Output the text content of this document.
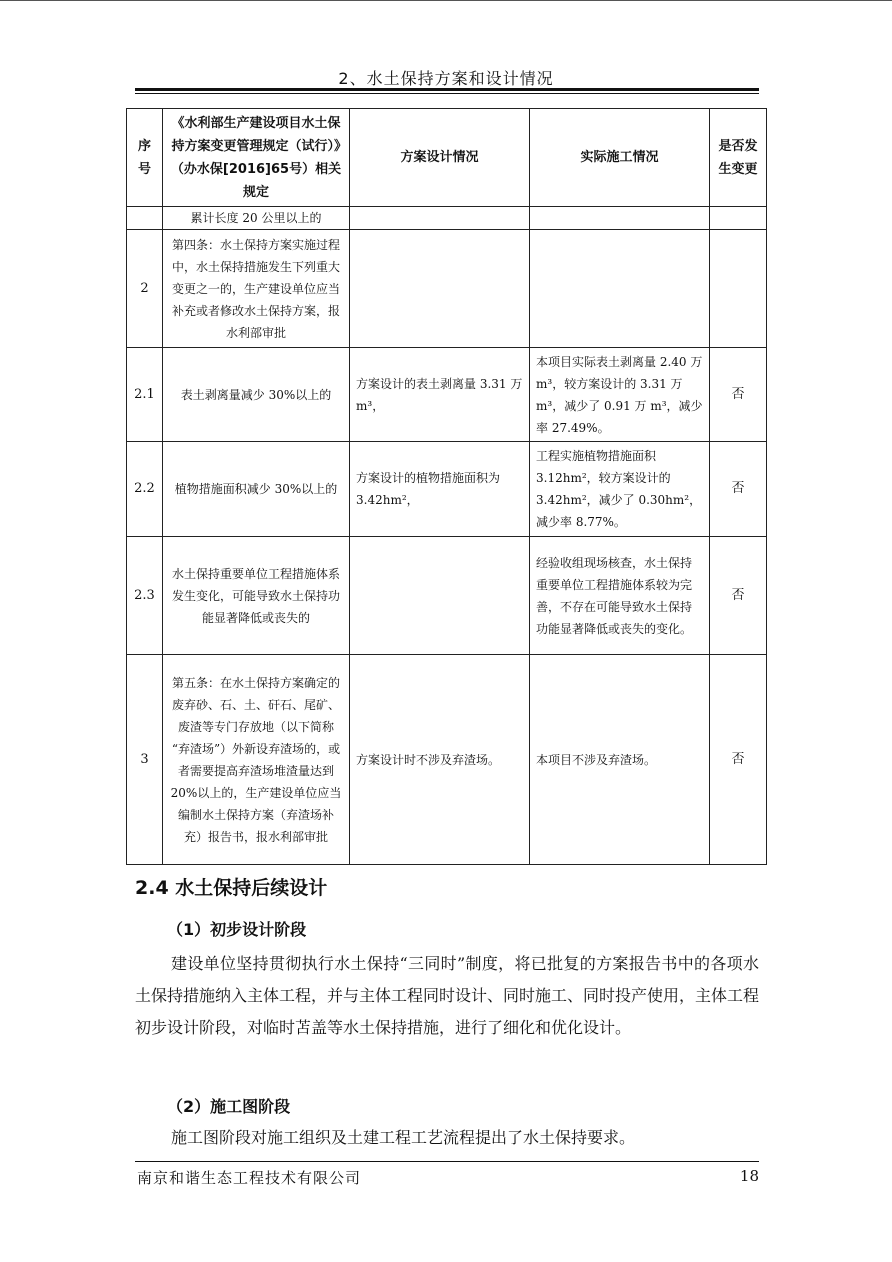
2、水土保持方案和设计情况
序号	《水利部生产建设项目水土保持方案变更管理规定（试行）》（办水保[2016]65号）相关规定	方案设计情况	实际施工情况	是否发生变更
	累计长度 20 公里以上的			
2	第四条：水土保持方案实施过程中，水土保持措施发生下列重大变更之一的，生产建设单位应当补充或者修改水土保持方案，报水利部审批			
2.1	表土剥离量减少 30%以上的	方案设计的表土剥离量 3.31 万 m³，	本项目实际表土剥离量 2.40 万 m³，较方案设计的 3.31 万 m³，减少了 0.91 万 m³，减少率 27.49%。	否
2.2	植物措施面积减少 30%以上的	方案设计的植物措施面积为 3.42hm²，	工程实施植物措施面积 3.12hm²，较方案设计的 3.42hm²，减少了 0.30hm²，减少率 8.77%。	否
2.3	水土保持重要单位工程措施体系发生变化，可能导致水土保持功能显著降低或丧失的		经验收组现场核查，水土保持重要单位工程措施体系较为完善，不存在可能导致水土保持功能显著降低或丧失的变化。	否
3	第五条：在水土保持方案确定的废弃砂、石、土、矸石、尾矿、废渣等专门存放地（以下简称 “弃渣场”）外新设弃渣场的，或者需要提高弃渣场堆渣量达到 20%以上的，生产建设单位应当编制水土保持方案（弃渣场补充）报告书，报水利部审批	方案设计时不涉及弃渣场。	本项目不涉及弃渣场。	否
2.4 水土保持后续设计
（1）初步设计阶段
建设单位坚持贯彻执行水土保持“三同时”制度，将已批复的方案报告书中的各项水土保持措施纳入主体工程，并与主体工程同时设计、同时施工、同时投产使用，主体工程初步设计阶段，对临时苫盖等水土保持措施，进行了细化和优化设计。
（2）施工图阶段
施工图阶段对施工组织及土建工程工艺流程提出了水土保持要求。
南京和谐生态工程技术有限公司	18
